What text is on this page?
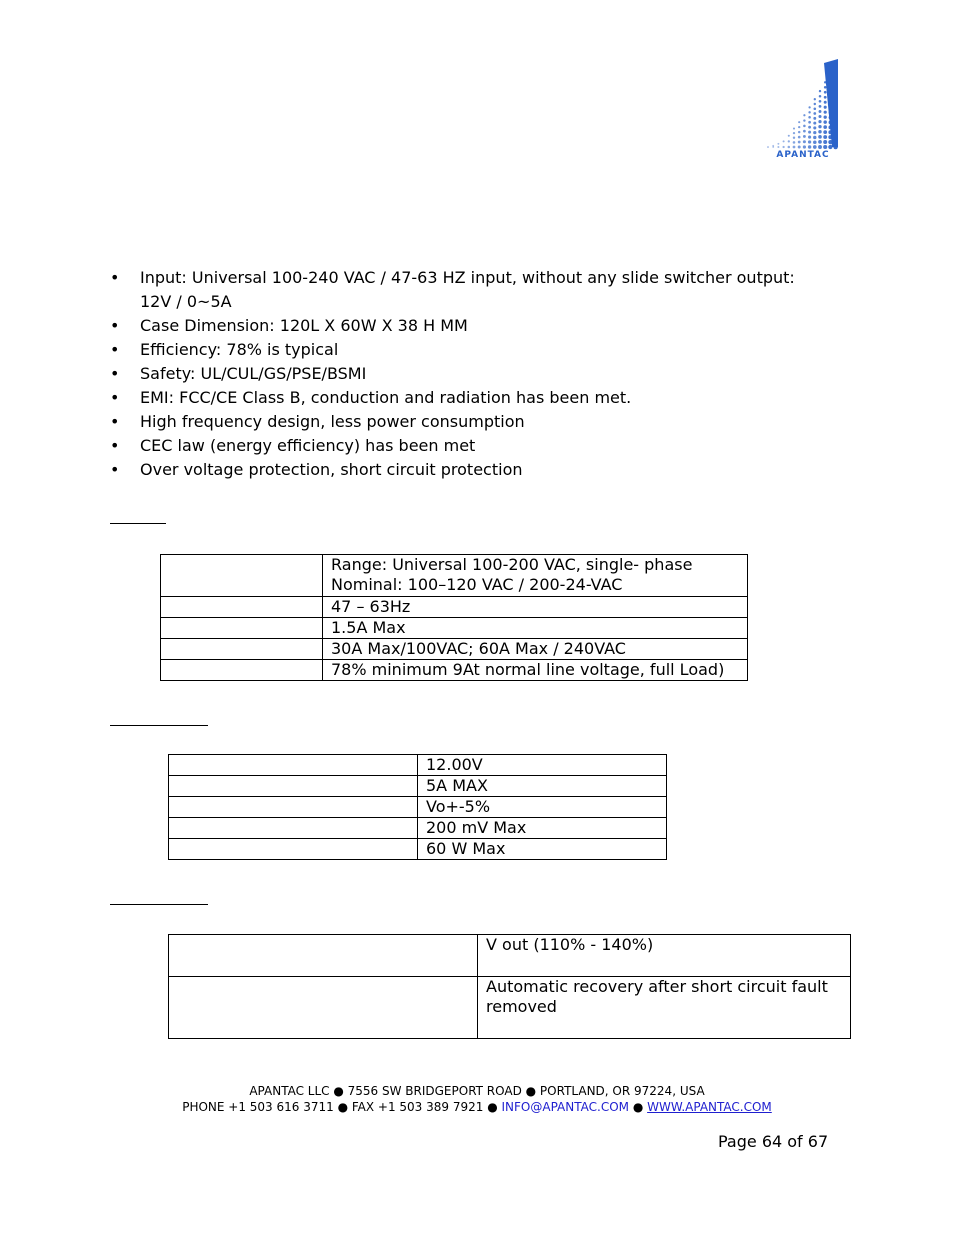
APANTAC
•	Input: Universal 100-240 VAC / 47-63 HZ input, without any slide switcher output: 12V / 0~5A
•	Case Dimension: 120L X 60W X 38 H MM
•	Efficiency: 78% is typical
•	Safety: UL/CUL/GS/PSE/BSMI
•	EMI: FCC/CE Class B, conduction and radiation has been met.
•	High frequency design, less power consumption
•	CEC law (energy efficiency) has been met
•	Over voltage protection, short circuit protection

	Range: Universal 100-200 VAC, single- phase
Nominal: 100–120 VAC / 200-24-VAC

	47 – 63Hz

	1.5A Max

	30A Max/100VAC; 60A Max / 240VAC

	78% minimum 9At normal line voltage, full Load)
	12.00V
	5A MAX
	Vo+-5%
	200 mV Max
	60 W Max

	V out (110% - 140%)

	Automatic recovery after short circuit fault
removed
APANTAC LLC ● 7556 SW BRIDGEPORT ROAD ● PORTLAND, OR 97224, USA
PHONE +1 503 616 3711 ● FAX +1 503 389 7921 ● INFO@APANTAC.COM ● WWW.APANTAC.COM
Page 64 of 67
